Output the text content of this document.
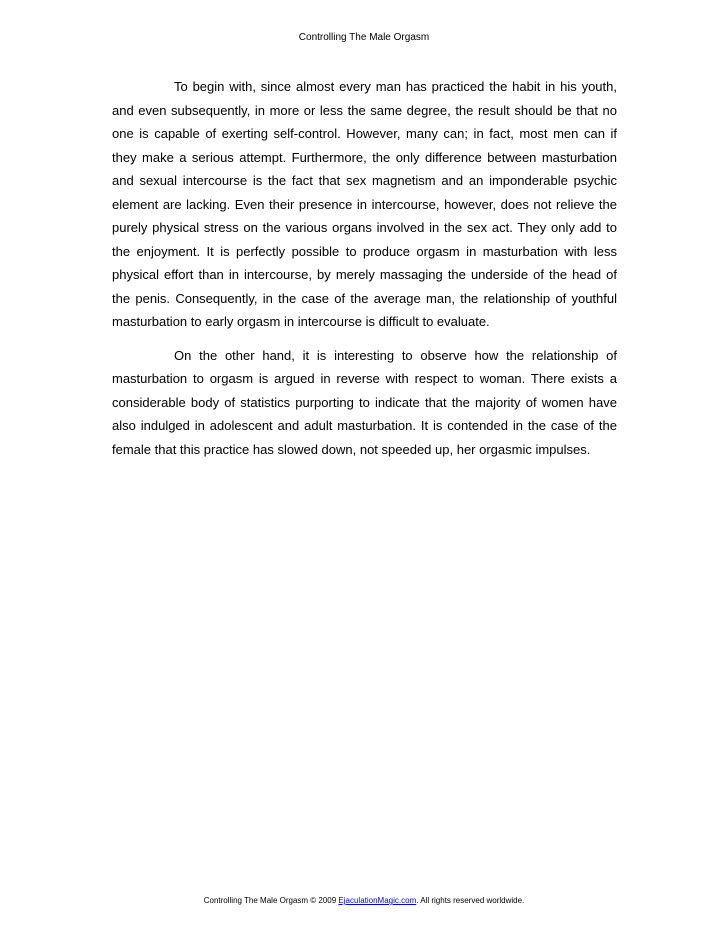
Controlling The Male Orgasm

To begin with, since almost every man has practiced the habit in his youth, and even subsequently, in more or less the same degree, the result should be that no one is capable of exerting self-control. However, many can; in fact, most men can if they make a serious attempt. Furthermore, the only difference between masturbation and sexual intercourse is the fact that sex magnetism and an imponderable psychic element are lacking. Even their presence in intercourse, however, does not relieve the purely physical stress on the various organs involved in the sex act. They only add to the enjoyment. It is perfectly possible to produce orgasm in masturbation with less physical effort than in intercourse, by merely massaging the underside of the head of the penis. Consequently, in the case of the average man, the relationship of youthful masturbation to early orgasm in intercourse is difficult to evaluate.

On the other hand, it is interesting to observe how the relationship of masturbation to orgasm is argued in reverse with respect to woman. There exists a considerable body of statistics purporting to indicate that the majority of women have also indulged in adolescent and adult masturbation. It is contended in the case of the female that this practice has slowed down, not speeded up, her orgasmic impulses.

Controlling The Male Orgasm © 2009 EjaculationMagic.com. All rights reserved worldwide.
